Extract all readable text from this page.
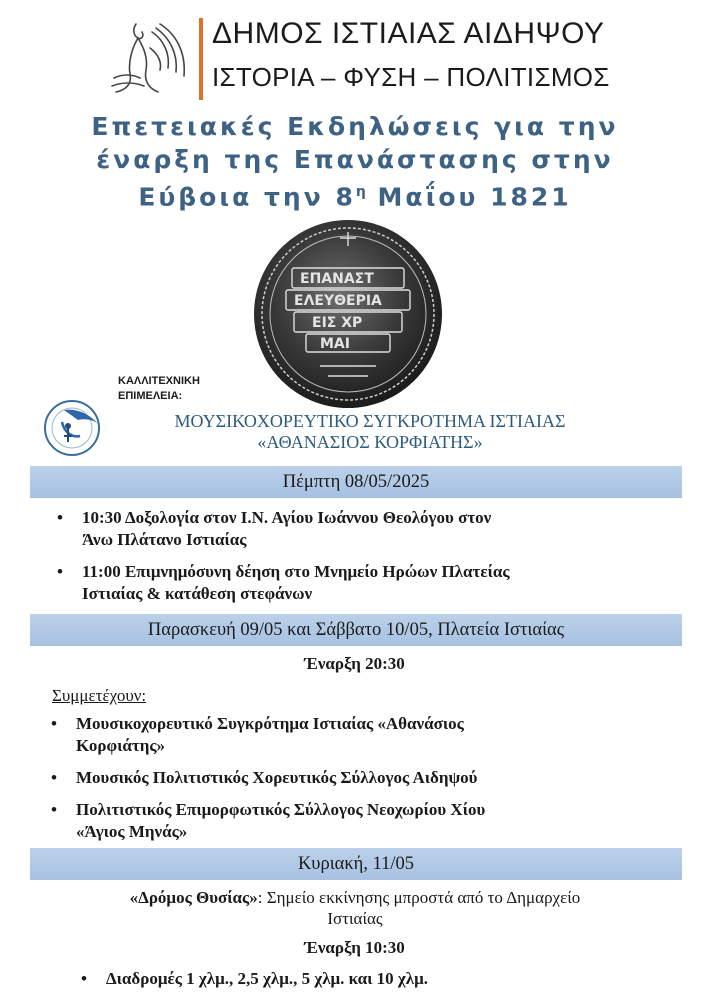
ΔΗΜΟΣ ΙΣΤΙΑΙΑΣ ΑΙΔΗΨΟΥ
ΙΣΤΟΡΙΑ – ΦΥΣΗ – ΠΟΛΙΤΙΣΜΟΣ
Επετειακές Εκδηλώσεις για την
έναρξη της Επανάστασης στην
Εύβοια την $8^\eta$ Μαΐου 1821
ΕΠΑΝΑΣΤ
ΕΛΕΥΘΕΡΙΑ
ΕΙΣ ΧΡ
ΜΑΙ
ΚΑΛΛΙΤΕΧΝΙΚΗ
ΕΠΙΜΕΛΕΙΑ:
ΜΟΥΣΙΚΟΧΟΡΕΥΤΙΚΟ ΣΥΓΚΡΟΤΗΜΑ ΙΣΤΙΑΙΑΣ
«ΑΘΑΝΑΣΙΟΣ ΚΟΡΦΙΑΤΗΣ»
Πέμπτη 08/05/2025
• 10:30 Δοξολογία στον Ι.Ν. Αγίου Ιωάννου Θεολόγου στον
Άνω Πλάτανο Ιστιαίας
• 11:00 Επιμνημόσυνη δέηση στο Μνημείο Ηρώων Πλατείας
Ιστιαίας & κατάθεση στεφάνων
Παρασκευή 09/05 και Σάββατο 10/05, Πλατεία Ιστιαίας
Έναρξη 20:30
Συμμετέχουν:
• Μουσικοχορευτικό Συγκρότημα Ιστιαίας «Αθανάσιος
Κορφιάτης»
• Μουσικός Πολιτιστικός Χορευτικός Σύλλογος Αιδηψού
• Πολιτιστικός Επιμορφωτικός Σύλλογος Νεοχωρίου Χίου
«Άγιος Μηνάς»
Κυριακή, 11/05
«Δρόμος Θυσίας»: Σημείο εκκίνησης μπροστά από το Δημαρχείο
Ιστιαίας
Έναρξη 10:30
• Διαδρομές 1 χλμ., 2,5 χλμ., 5 χλμ. και 10 χλμ.
